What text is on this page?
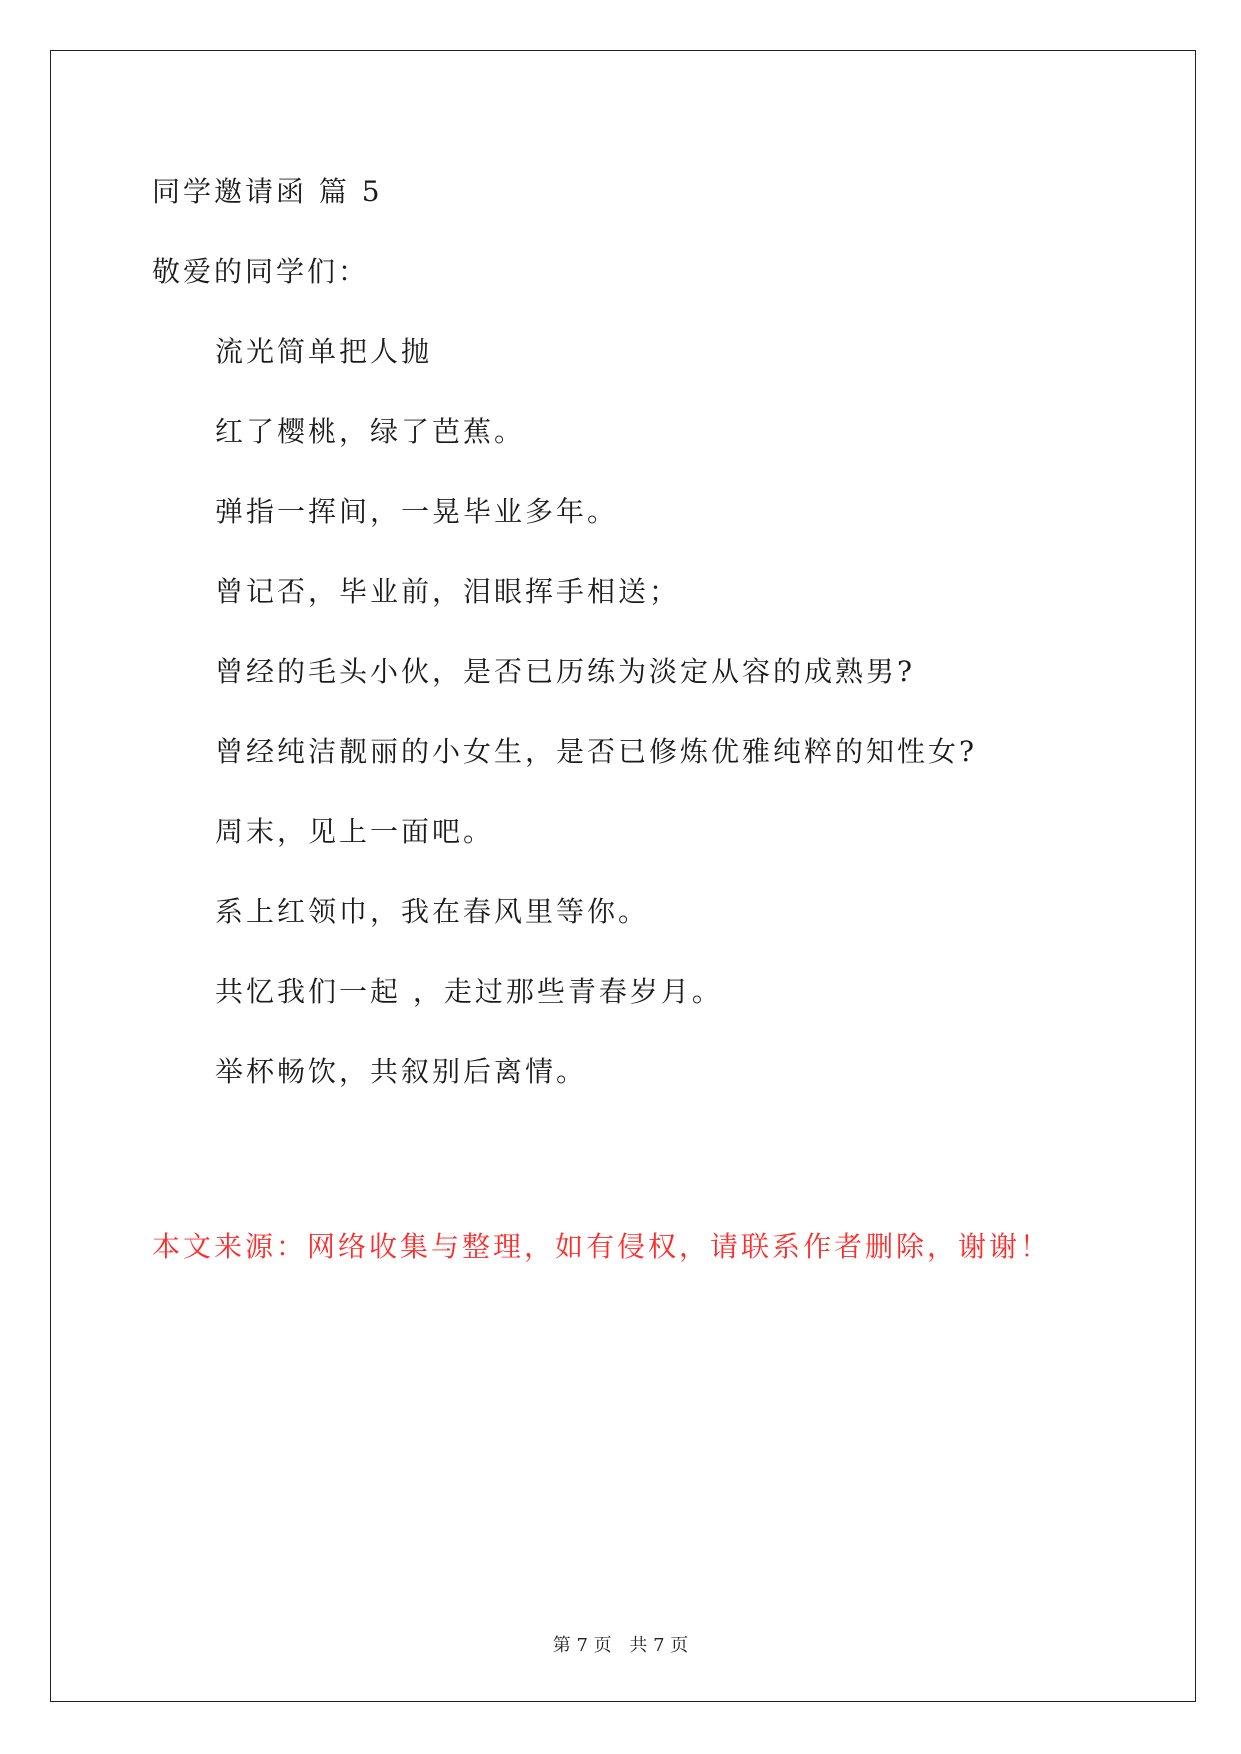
同学邀请函 篇 5
敬爱的同学们：
流光简单把人抛
红了樱桃，绿了芭蕉。
弹指一挥间，一晃毕业多年。
曾记否，毕业前，泪眼挥手相送；
曾经的毛头小伙，是否已历练为淡定从容的成熟男?
曾经纯洁靓丽的小女生，是否已修炼优雅纯粹的知性女?
周末，见上一面吧。
系上红领巾，我在春风里等你。
共忆我们一起 ，走过那些青春岁月。
举杯畅饮，共叙别后离情。
本文来源：网络收集与整理，如有侵权，请联系作者删除，谢谢！
第 7 页 共 7 页
